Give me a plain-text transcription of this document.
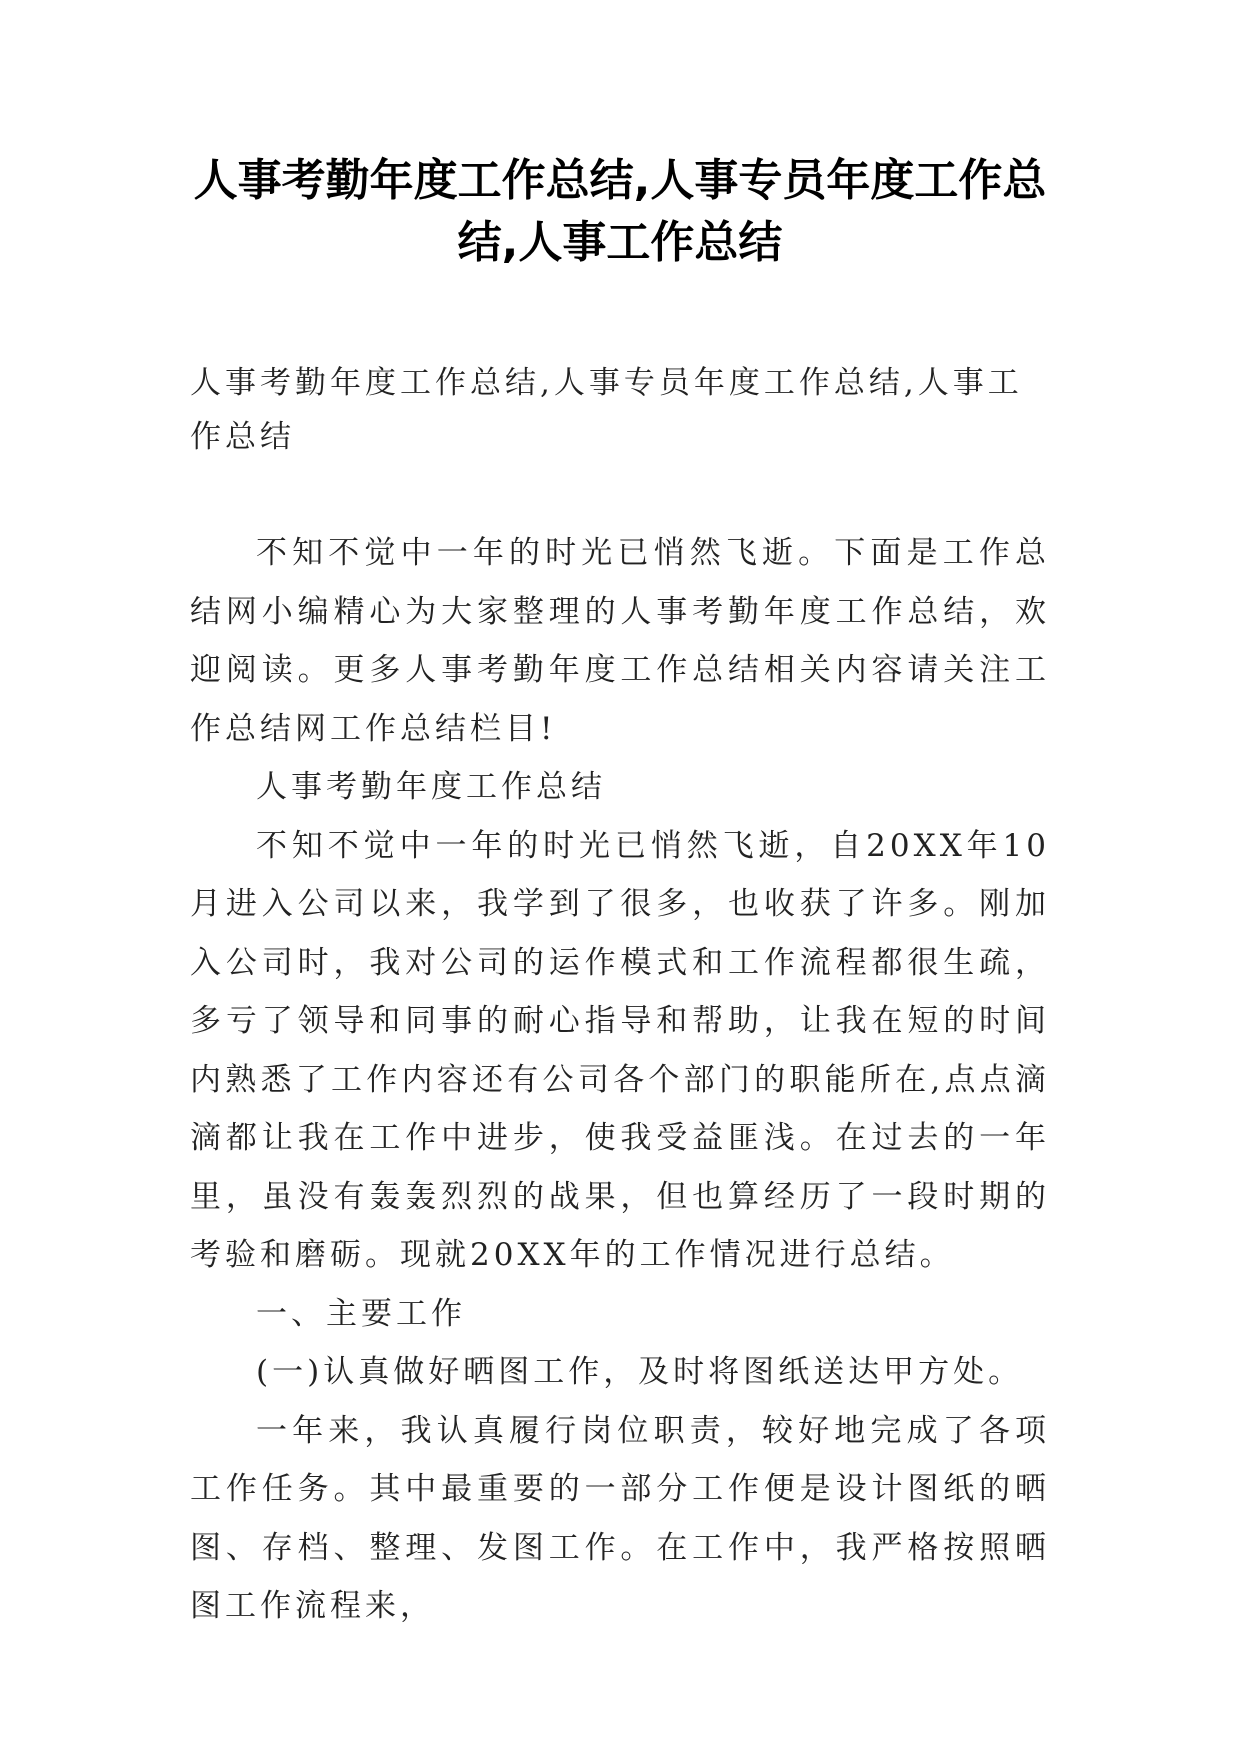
人事考勤年度工作总结,人事专员年度工作总结,人事工作总结

人事考勤年度工作总结,人事专员年度工作总结,人事工作总结

不知不觉中一年的时光已悄然飞逝。下面是工作总结网小编精心为大家整理的人事考勤年度工作总结，欢迎阅读。更多人事考勤年度工作总结相关内容请关注工作总结网工作总结栏目!

人事考勤年度工作总结

不知不觉中一年的时光已悄然飞逝，自20XX年10月进入公司以来，我学到了很多，也收获了许多。刚加入公司时，我对公司的运作模式和工作流程都很生疏，多亏了领导和同事的耐心指导和帮助，让我在短的时间内熟悉了工作内容还有公司各个部门的职能所在,点点滴滴都让我在工作中进步，使我受益匪浅。在过去的一年里，虽没有轰轰烈烈的战果，但也算经历了一段时期的考验和磨砺。现就20XX年的工作情况进行总结。

一、主要工作

(一)认真做好晒图工作，及时将图纸送达甲方处。

一年来，我认真履行岗位职责，较好地完成了各项工作任务。其中最重要的一部分工作便是设计图纸的晒图、存档、整理、发图工作。在工作中，我严格按照晒图工作流程来，
